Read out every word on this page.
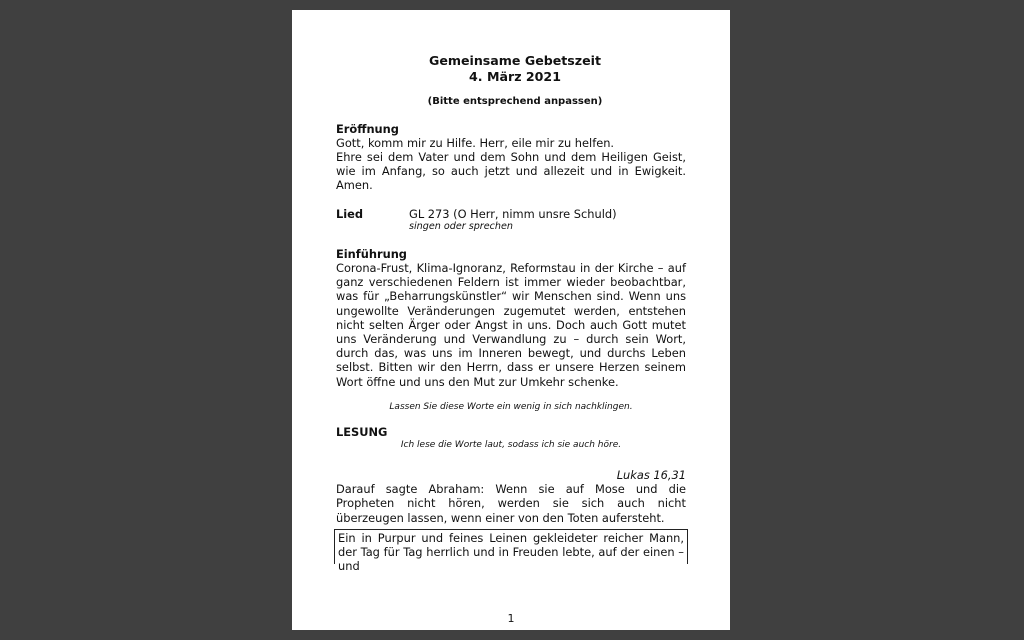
Gemeinsame Gebetszeit
4. März 2021
(Bitte entsprechend anpassen)
Eröffnung
Gott, komm mir zu Hilfe. Herr, eile mir zu helfen.
Ehre sei dem Vater und dem Sohn und dem Heiligen Geist, wie im Anfang, so auch jetzt und allezeit und in Ewigkeit. Amen.
Lied	GL 273 (O Herr, nimm unsre Schuld)
singen oder sprechen
Einführung
Corona-Frust, Klima-Ignoranz, Reformstau in der Kirche – auf ganz verschiedenen Feldern ist immer wieder beobachtbar, was für „Beharrungskünstler“ wir Menschen sind. Wenn uns ungewollte Veränderungen zugemutet werden, entstehen nicht selten Ärger oder Angst in uns. Doch auch Gott mutet uns Veränderung und Verwandlung zu – durch sein Wort, durch das, was uns im Inneren bewegt, und durchs Leben selbst. Bitten wir den Herrn, dass er unsere Herzen seinem Wort öffne und uns den Mut zur Umkehr schenke.
Lassen Sie diese Worte ein wenig in sich nachklingen.
LESUNG
Ich lese die Worte laut, sodass ich sie auch höre.
Lukas 16,31
Darauf sagte Abraham: Wenn sie auf Mose und die Propheten nicht hören, werden sie sich auch nicht überzeugen lassen, wenn einer von den Toten aufersteht.
Ein in Purpur und feines Leinen gekleideter reicher Mann, der Tag für Tag herrlich und in Freuden lebte, auf der einen – und
1
